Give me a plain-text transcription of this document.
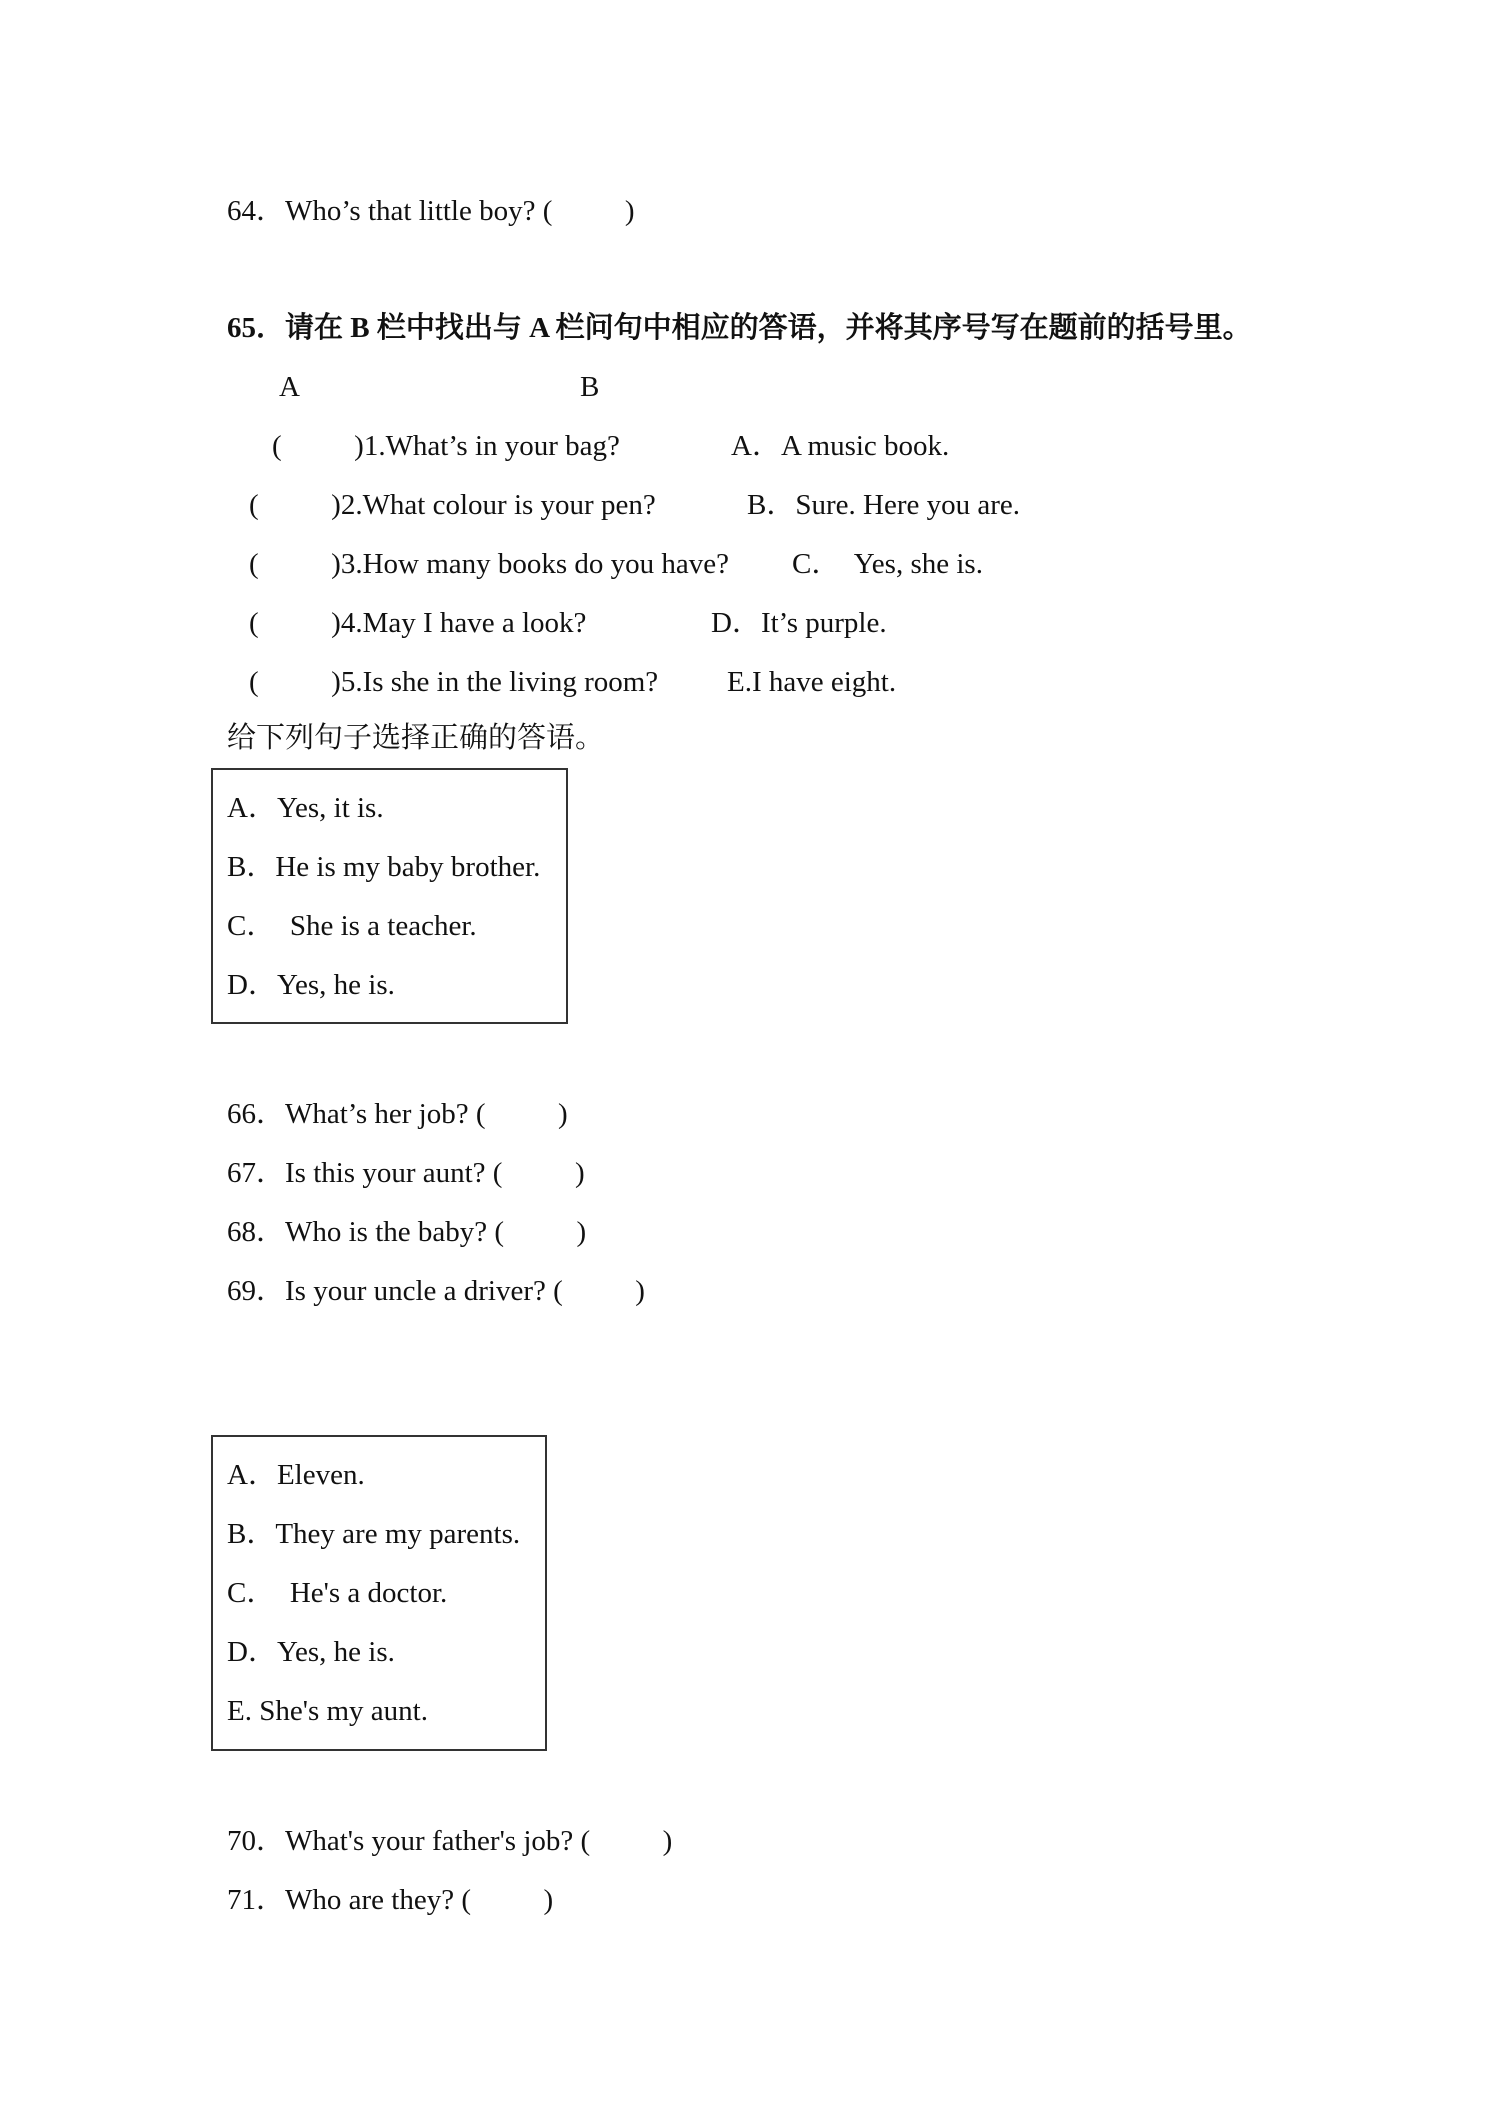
64．Who’s that little boy? (          )
65．请在 B 栏中找出与 A 栏问句中相应的答语，并将其序号写在题前的括号里。
A	B
(          )1.What’s in your bag?	A．A music book.
(          )2.What colour is your pen?	B．Sure. Here you are.
(          )3.How many books do you have? C．  Yes, she is.
(          )4.May I have a look?	D．It’s purple.
(          )5.Is she in the living room? E.I have eight.
给下列句子选择正确的答语。
A．Yes, it is.
B．He is my baby brother.
C．  She is a teacher.
D．Yes, he is.
66．What’s her job? (          )
67．Is this your aunt? (          )
68．Who is the baby? (          )
69．Is your uncle a driver? (          )
A．Eleven.
B．They are my parents.
C．  He's a doctor.
D．Yes, he is.
E. She's my aunt.
70．What's your father's job? (          )
71．Who are they? (          )
